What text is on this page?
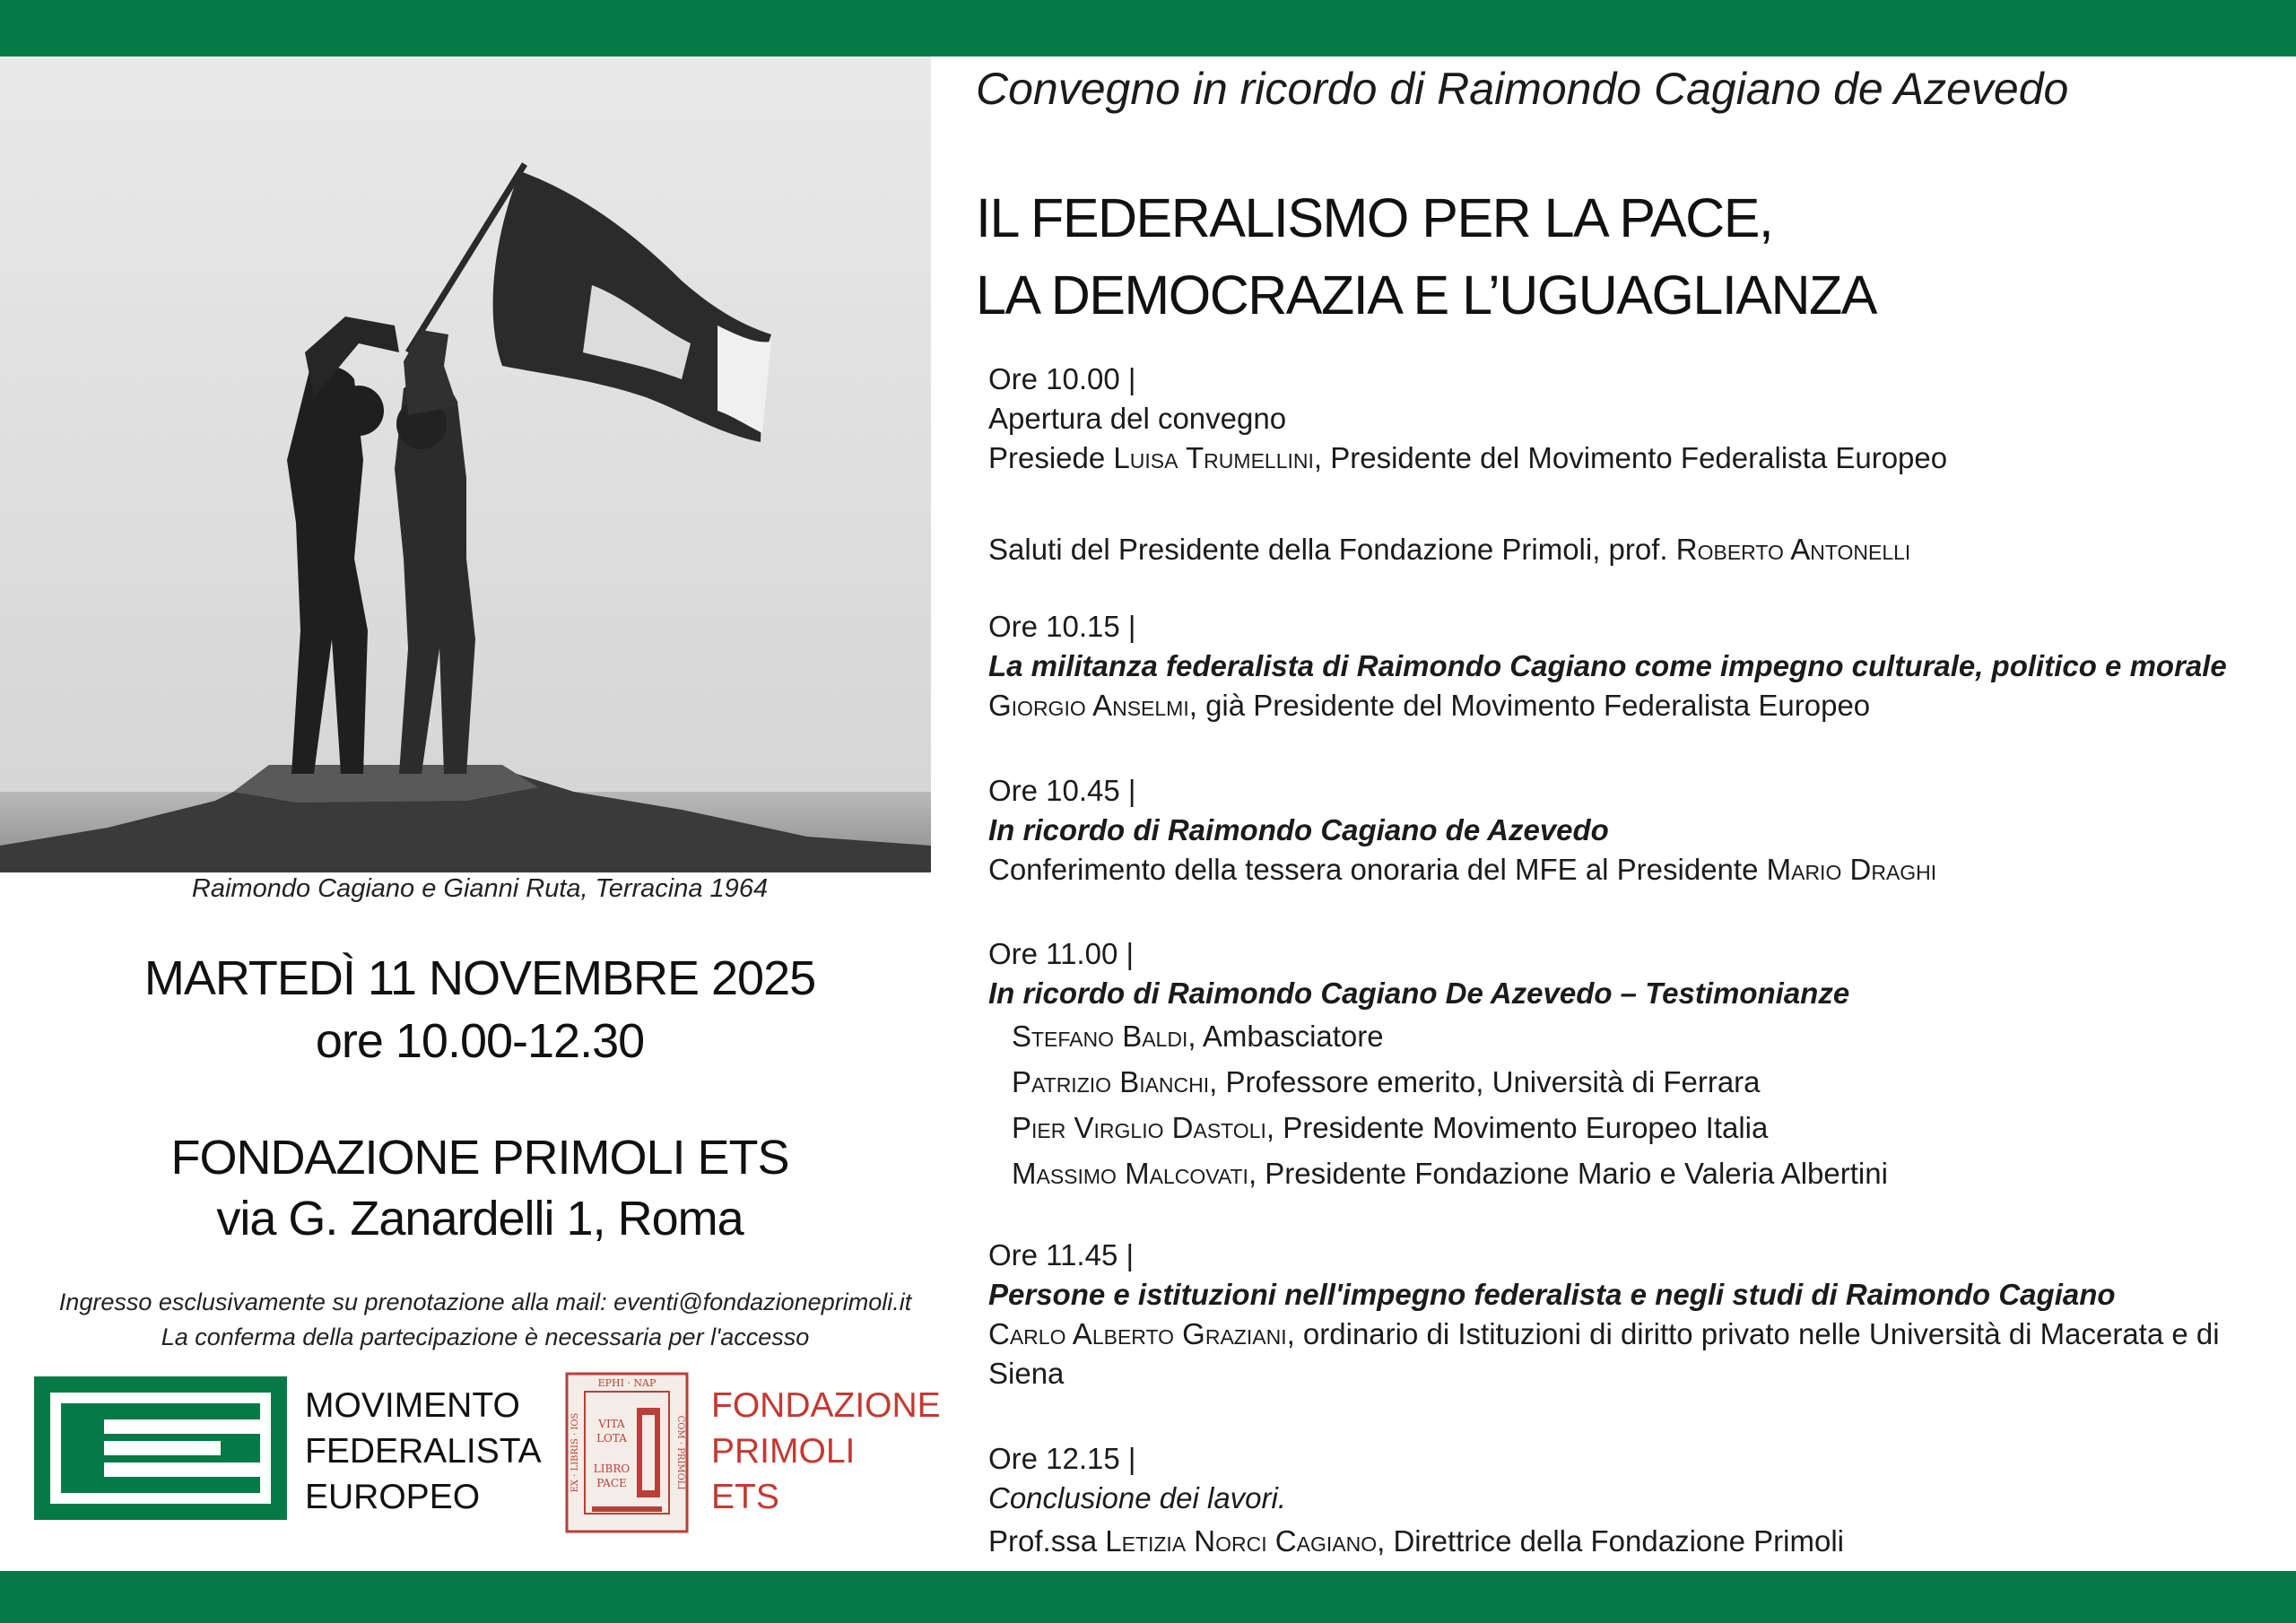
Raimondo Cagiano e Gianni Ruta, Terracina 1964
MARTEDÌ 11 NOVEMBRE 2025
ore 10.00-12.30
FONDAZIONE PRIMOLI ETS
via G. Zanardelli 1, Roma
Ingresso esclusivamente su prenotazione alla mail: eventi@fondazioneprimoli.it
La conferma della partecipazione è necessaria per l'accesso
MOVIMENTO
FEDERALISTA
EUROPEO
EPHI · NAP
EX · LIBRIS · IOS	COM · PRIMOLI
VITA
LOTA
LIBRO
PACE
FONDAZIONE
PRIMOLI
ETS
Convegno in ricordo di Raimondo Cagiano de Azevedo
IL FEDERALISMO PER LA PACE,
LA DEMOCRAZIA E L’UGUAGLIANZA
Ore 10.00 |
Apertura del convegno
Presiede Luisa Trumellini, Presidente del Movimento Federalista Europeo
Saluti del Presidente della Fondazione Primoli, prof. Roberto Antonelli
Ore 10.15 |
La militanza federalista di Raimondo Cagiano come impegno culturale, politico e morale
Giorgio Anselmi, già Presidente del Movimento Federalista Europeo
Ore 10.45 |
In ricordo di Raimondo Cagiano de Azevedo
Conferimento della tessera onoraria del MFE al Presidente Mario Draghi
Ore 11.00 |
In ricordo di Raimondo Cagiano De Azevedo – Testimonianze
Stefano Baldi, Ambasciatore
Patrizio Bianchi, Professore emerito, Università di Ferrara
Pier Virglio Dastoli, Presidente Movimento Europeo Italia
Massimo Malcovati, Presidente Fondazione Mario e Valeria Albertini
Ore 11.45 |
Persone e istituzioni nell'impegno federalista e negli studi di Raimondo Cagiano
Carlo Alberto Graziani, ordinario di Istituzioni di diritto privato nelle Università di Macerata e di
Siena
Ore 12.15 |
Conclusione dei lavori.
Prof.ssa Letizia Norci Cagiano, Direttrice della Fondazione Primoli
